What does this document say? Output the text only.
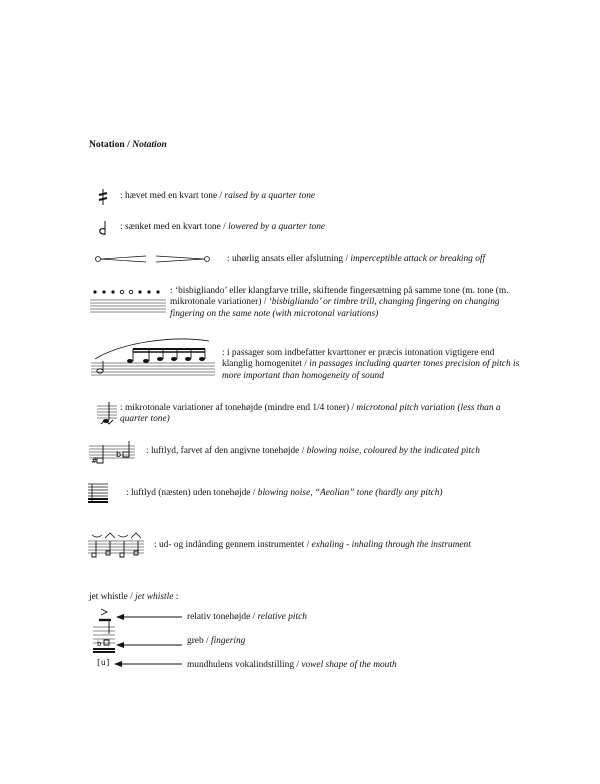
Notation / Notation
: hævet med en kvart tone / raised by a quarter tone
: sænket med en kvart tone / lowered by a quarter tone
: uhørlig ansats eller afslutning / imperceptible attack or breaking off
: ‘bisbigliando’ eller klangfarve trille, skiftende fingersætning på samme tone (m. tone (m. mikrotonale variationer) / ‘bisbigliando’ or timbre trill, changing fingering on changing fingering on the same note (with microtonal variations)
: i passager som indbefatter kvarttoner er præcis intonation vigtigere end klanglig homogenitet / in passages including quarter tones precision of pitch is more important than homogeneity of sound
: mikrotonale variationer af tonehøjde (mindre end 1/4 toner) / microtonal pitch variation (less than a quarter tone)
#
b	: luftlyd, farvet af den angivne tonehøjde / blowing noise, coloured by the indicated pitch
: luftlyd (næsten) uden tonehøjde / blowing noise, “Aeolian” tone (hardly any pitch)
: ud- og indånding gennem instrumentet / exhaling - inhaling through the instrument
jet whistle / jet whistle :
b
[u]
relativ tonehøjde / relative pitch
greb / fingering
mundhulens vokalindstilling / vowel shape of the mouth
